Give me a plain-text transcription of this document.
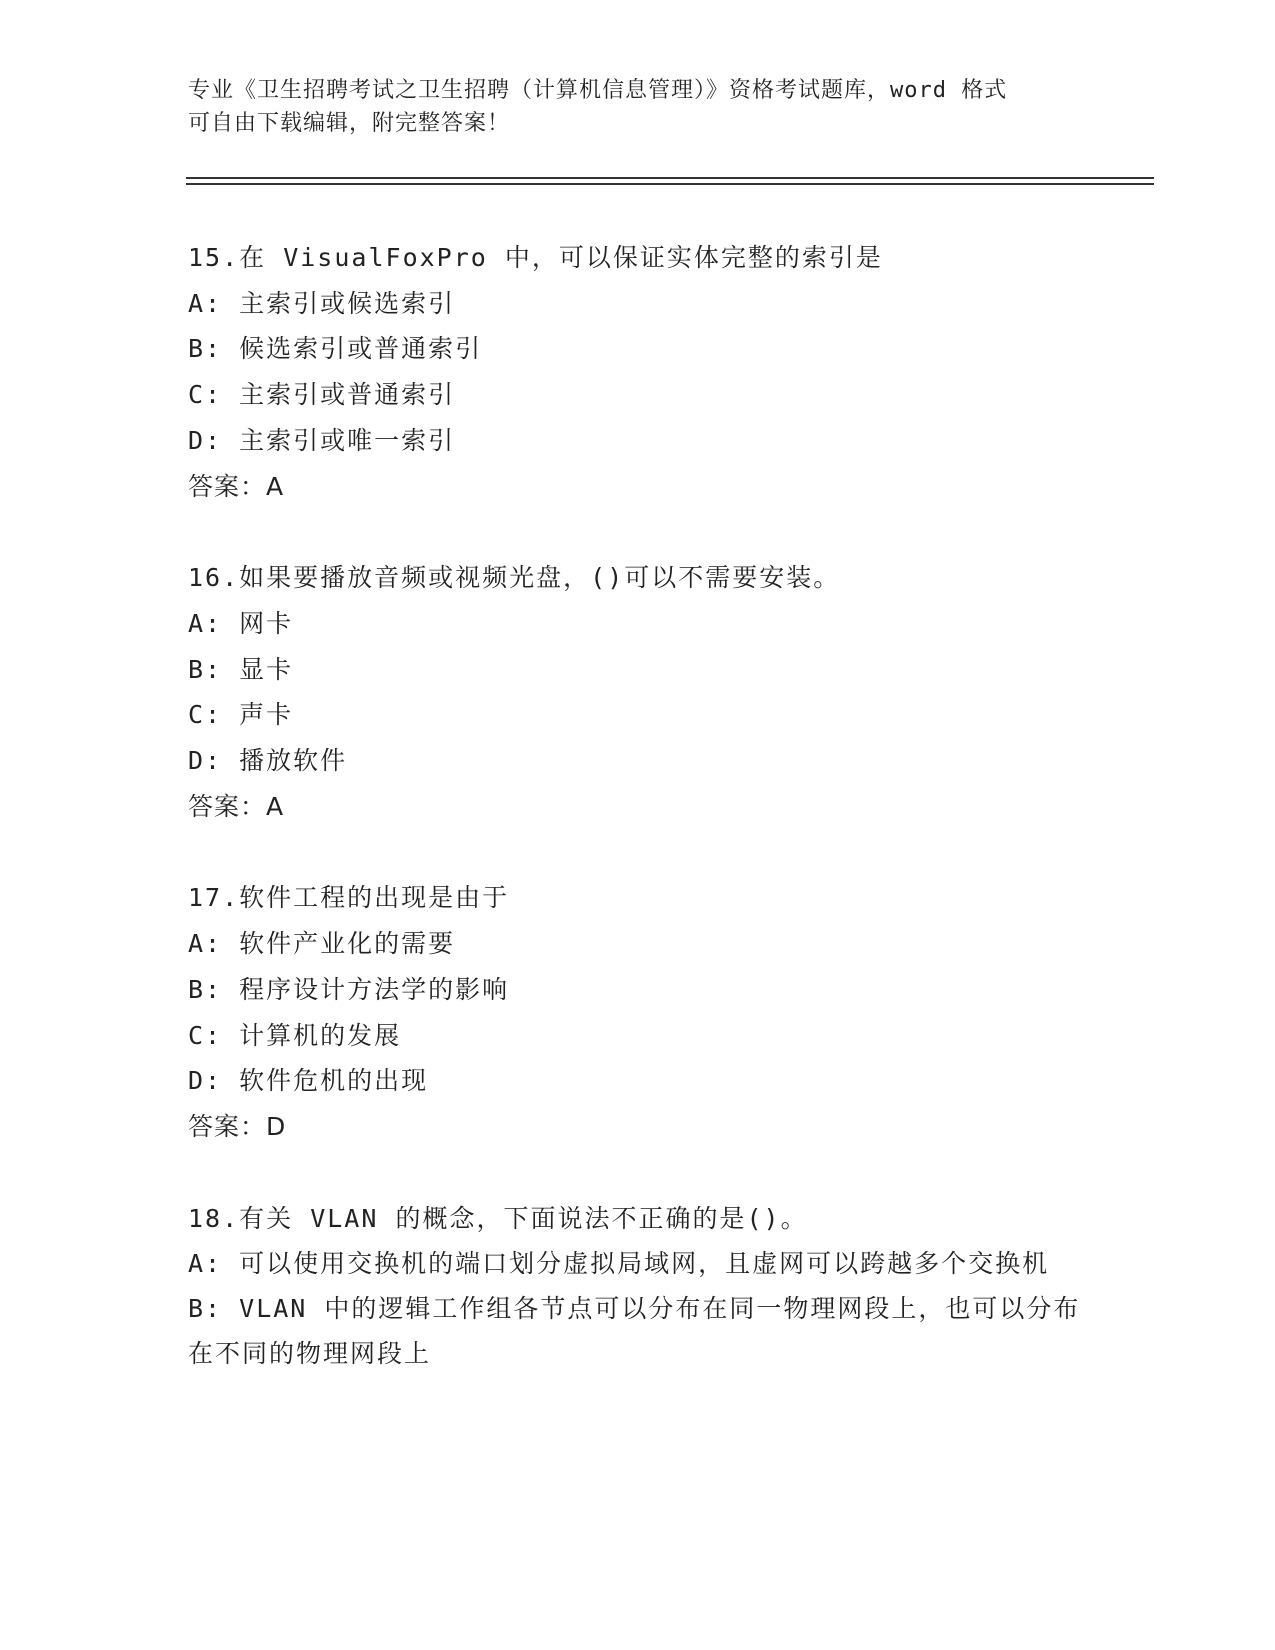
专业《卫生招聘考试之卫生招聘（计算机信息管理）》资格考试题库，word 格式
可自由下载编辑，附完整答案！
15.在 VisualFoxPro 中，可以保证实体完整的索引是
A: 主索引或候选索引
B: 候选索引或普通索引
C: 主索引或普通索引
D: 主索引或唯一索引
答案：A
16.如果要播放音频或视频光盘，()可以不需要安装。
A: 网卡
B: 显卡
C: 声卡
D: 播放软件
答案：A
17.软件工程的出现是由于
A: 软件产业化的需要
B: 程序设计方法学的影响
C: 计算机的发展
D: 软件危机的出现
答案：D
18.有关 VLAN 的概念，下面说法不正确的是()。
A: 可以使用交换机的端口划分虚拟局域网，且虚网可以跨越多个交换机
B: VLAN 中的逻辑工作组各节点可以分布在同一物理网段上，也可以分布在不同的物理网段上
